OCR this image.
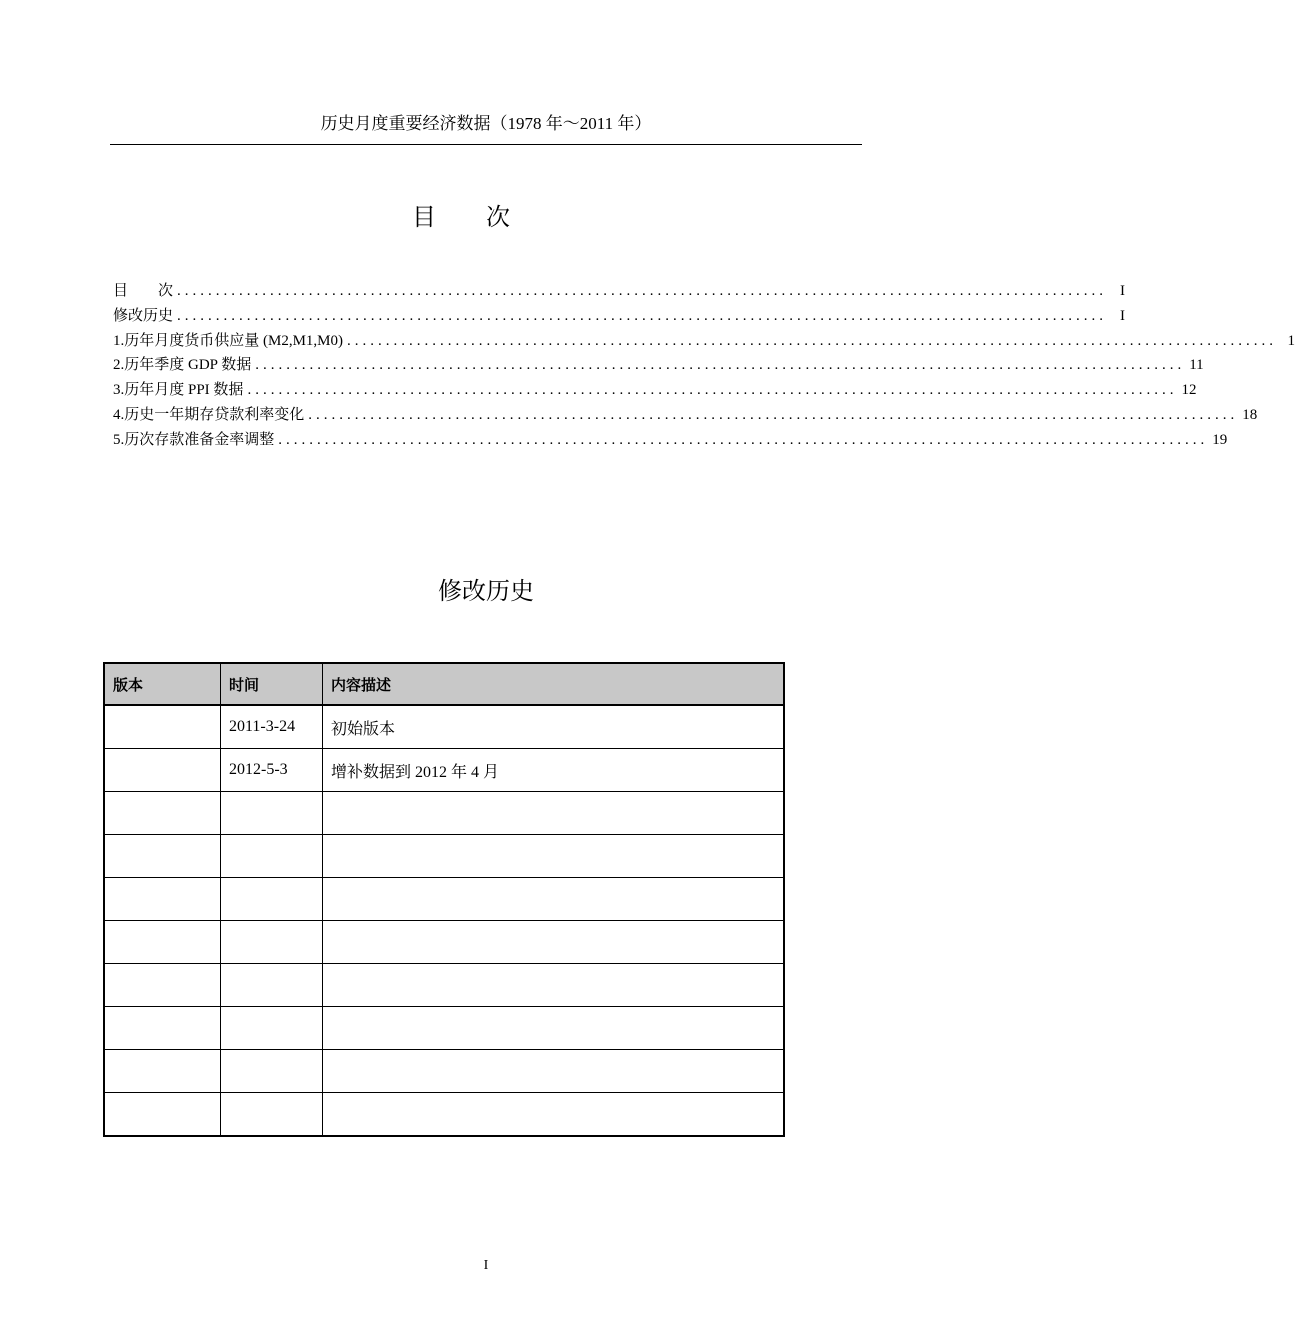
历史月度重要经济数据（1978 年～2011 年）
目次
目　　次 ........................................................................................................................ I
修改历史 ........................................................................................................................ I
1. 历年月度货币供应量 (M2,M1,M0) ........................................................................................................................ 1
2. 历年季度 GDP 数据 ........................................................................................................................ 11
3. 历年月度 PPI 数据 ........................................................................................................................ 12
4. 历史一年期存贷款利率变化 ........................................................................................................................ 18
5. 历次存款准备金率调整 ........................................................................................................................ 19
修改历史
版本	时间	内容描述
	2011-3-24	初始版本
	2012-5-3	增补数据到 2012 年 4 月

I
